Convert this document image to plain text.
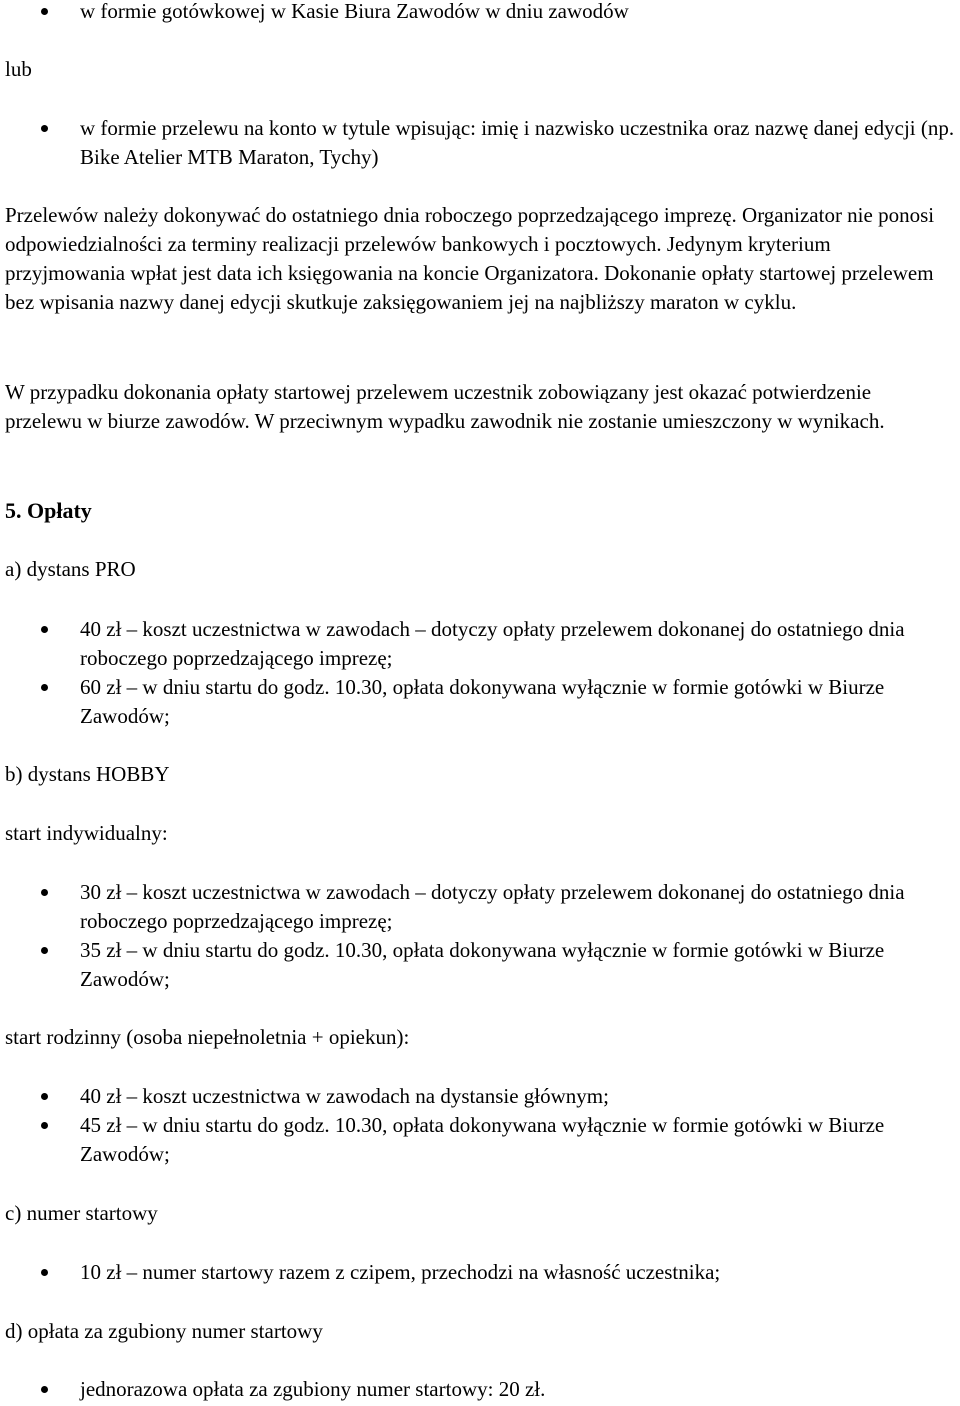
w formie gotówkowej w Kasie Biura Zawodów w dniu zawodów
lub
w formie przelewu na konto w tytule wpisując: imię i nazwisko uczestnika oraz nazwę danej edycji (np. Bike Atelier MTB Maraton, Tychy)
Przelewów należy dokonywać do ostatniego dnia roboczego poprzedzającego imprezę. Organizator nie ponosi odpowiedzialności za terminy realizacji przelewów bankowych i pocztowych. Jedynym kryterium przyjmowania wpłat jest data ich księgowania na koncie Organizatora. Dokonanie opłaty startowej przelewem bez wpisania nazwy danej edycji skutkuje zaksięgowaniem jej na najbliższy maraton w cyklu.
W przypadku dokonania opłaty startowej przelewem uczestnik zobowiązany jest okazać potwierdzenie przelewu w biurze zawodów. W przeciwnym wypadku zawodnik nie zostanie umieszczony w wynikach.
5. Opłaty
a) dystans PRO
40 zł – koszt uczestnictwa w zawodach – dotyczy opłaty przelewem dokonanej do ostatniego dnia roboczego poprzedzającego imprezę;
60 zł – w dniu startu do godz. 10.30, opłata dokonywana wyłącznie w formie gotówki w Biurze Zawodów;
b) dystans HOBBY
start indywidualny:
30 zł – koszt uczestnictwa w zawodach – dotyczy opłaty przelewem dokonanej do ostatniego dnia roboczego poprzedzającego imprezę;
35 zł – w dniu startu do godz. 10.30, opłata dokonywana wyłącznie w formie gotówki w Biurze Zawodów;
start rodzinny (osoba niepełnoletnia + opiekun):
40 zł – koszt uczestnictwa w zawodach na dystansie głównym;
45 zł – w dniu startu do godz. 10.30, opłata dokonywana wyłącznie w formie gotówki w Biurze Zawodów;
c) numer startowy
10 zł – numer startowy razem z czipem, przechodzi na własność uczestnika;
d) opłata za zgubiony numer startowy
jednorazowa opłata za zgubiony numer startowy: 20 zł.
